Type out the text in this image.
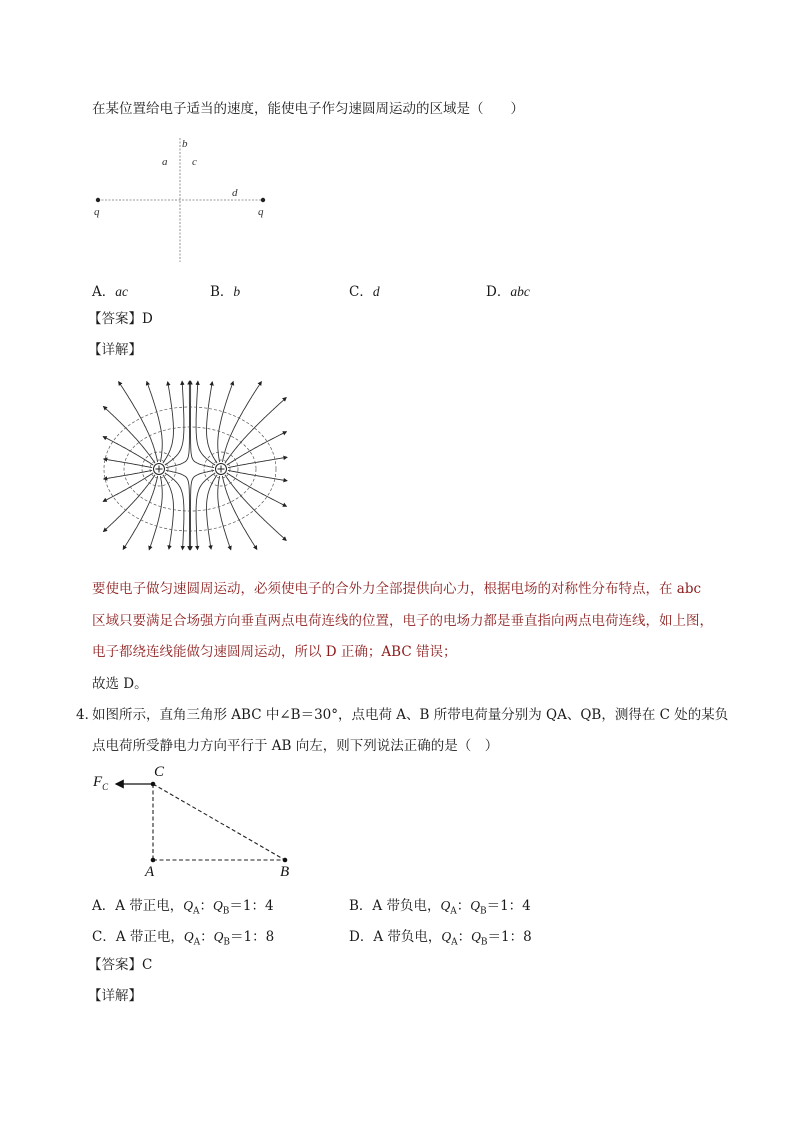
在某位置给电子适当的速度，能使电子作匀速圆周运动的区域是（　　）
b
a c
d
q	q
A．ac	B．b	C．d	D．abc
【答案】D
【详解】
要使电子做匀速圆周运动，必须使电子的合外力全部提供向心力，根据电场的对称性分布特点，在 abc
区域只要满足合场强方向垂直两点电荷连线的位置，电子的电场力都是垂直指向两点电荷连线，如上图，
电子都绕连线能做匀速圆周运动，所以 D 正确；ABC 错误；
故选 D。
4．
如图所示，直角三角形 ABC 中∠B＝30°，点电荷 A、B 所带电荷量分别为 QA、QB，测得在 C 处的某负
点电荷所受静电力方向平行于 AB 向左，则下列说法正确的是（　）
$F_C$
C
A	B
A．A 带正电，$Q_A$：$Q_B=1$：4	B．A 带负电，$Q_A$：$Q_B=1$：4
C．A 带正电，$Q_A$：$Q_B=1$：8	D．A 带负电，$Q_A$：$Q_B=1$：8
【答案】C
【详解】
